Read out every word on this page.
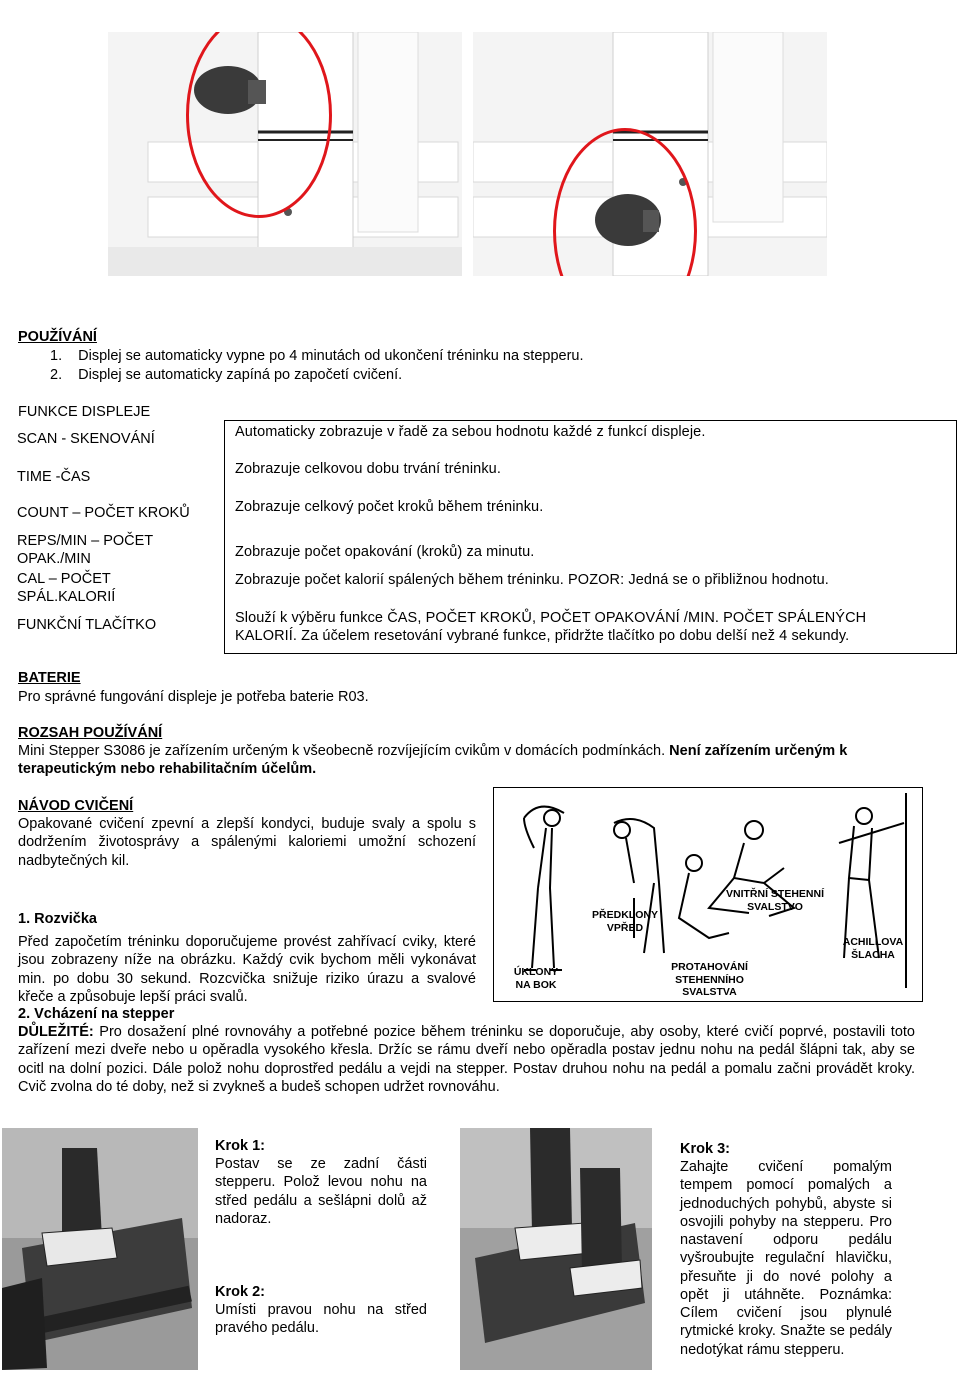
POUŽÍVÁNÍ
1. Displej se automaticky vypne po 4 minutách od ukončení tréninku na stepperu.
2. Displej se automaticky zapíná po započetí cvičení.
FUNKCE DISPLEJE
SCAN - SKENOVÁNÍ
TIME -ČAS
COUNT – POČET KROKŮ
REPS/MIN – POČET
OPAK./MIN
CAL – POČET
SPÁL.KALORIÍ
FUNKČNÍ TLAČÍTKO
Automaticky zobrazuje v řadě za sebou hodnotu každé z funkcí displeje.
Zobrazuje celkovou dobu trvání tréninku.
Zobrazuje celkový počet kroků během tréninku.
Zobrazuje počet opakování (kroků) za minutu.
Zobrazuje počet kalorií spálených během tréninku. POZOR: Jedná se o přibližnou hodnotu.
Slouží k výběru funkce ČAS, POČET KROKŮ, POČET OPAKOVÁNÍ /MIN. POČET SPÁLENÝCH
KALORIÍ. Za účelem resetování vybrané funkce, přidržte tlačítko po dobu delší než 4 sekundy.
BATERIE
Pro správné fungování displeje je potřeba baterie R03.
ROZSAH POUŽÍVÁNÍ
Mini Stepper S3086 je zařízením určeným k všeobecně rozvíjejícím cvikům v domácích podmínkách. Není zařízením určeným k terapeutickým nebo rehabilitačním účelům.
NÁVOD CVIČENÍ
Opakované cvičení zpevní a zlepší kondyci, buduje svaly a spolu s dodržením životosprávy a spálenými kaloriemi umožní schození nadbytečných kil.
1. Rozvička
Před započetím tréninku doporučujeme provést zahřívací cviky, které jsou zobrazeny níže na obrázku. Každý cvik bychom měli vykonávat min. po dobu 30 sekund. Rozcvička snižuje riziko úrazu a svalové křeče a způsobuje lepší práci svalů.
ÚKLONY
NA BOK
PŘEDKLONY
VPŘED
PROTAHOVÁNÍ STEHENNÍHO
SVALSTVA
VNITŘNÍ STEHENNÍ
SVALSTVO
ACHILLOVA
ŠLACHA
2. Vcházení na stepper
DŮLEŽITÉ: Pro dosažení plné rovnováhy a potřebné pozice během tréninku se doporučuje, aby osoby, které cvičí poprvé, postavili toto zařízení mezi dveře nebo u opěradla vysokého křesla. Držíc se rámu dveří nebo opěradla postav jednu nohu na pedál šlápni tak, aby se ocitl na dolní pozici. Dále polož nohu doprostřed pedálu a vejdi na stepper. Postav druhou nohu na pedál a pomalu začni provádět kroky. Cvič zvolna do té doby, než si zvykneš a budeš schopen udržet rovnováhu.
Krok 1:
Postav se ze zadní části stepperu. Polož levou nohu na střed pedálu a sešlápni dolů až nadoraz.
Krok 2:
Umísti pravou nohu na střed pravého pedálu.
Krok 3:
Zahajte cvičení pomalým tempem pomocí pomalých a jednoduchých pohybů, abyste si osvojili pohyby na stepperu. Pro nastavení odporu pedálu vyšroubujte regulační hlavičku, přesuňte ji do nové polohy a opět ji utáhněte. Poznámka: Cílem cvičení jsou plynulé rytmické kroky. Snažte se pedály nedotýkat rámu stepperu.
